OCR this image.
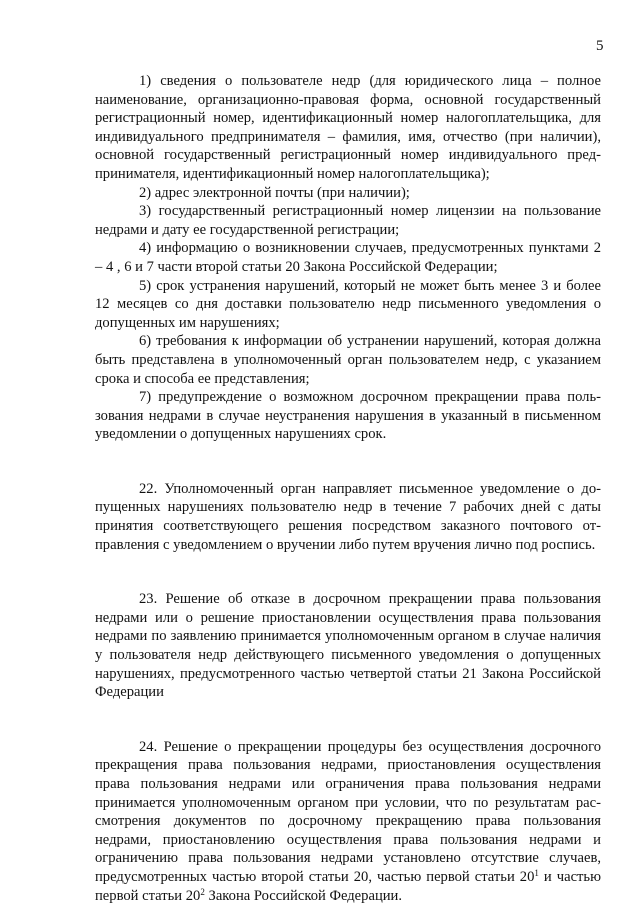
5

1) сведения о пользователе недр (для юридического лица – полное наименование, организационно-правовая форма, основной государственный регистрационный номер, идентификационный номер налогоплательщика, для индивидуального предпринимателя – фамилия, имя, отчество (при наличии), основной государственный регистрационный номер индивидуального предпринимателя, идентификационный номер налогоплательщика);

2) адрес электронной почты (при наличии);

3) государственный регистрационный номер лицензии на пользование недрами и дату ее государственной регистрации;

4) информацию о возникновении случаев, предусмотренных пунктами 2 – 4 , 6 и 7 части второй статьи 20 Закона Российской Федерации;

5) срок устранения нарушений, который не может быть менее 3 и более 12 месяцев со дня доставки пользователю недр письменного уведомления о допущенных им нарушениях;

6) требования к информации об устранении нарушений, которая должна быть представлена в уполномоченный орган пользователем недр, с указанием срока и способа ее представления;

7) предупреждение о возможном досрочном прекращении права пользования недрами в случае неустранения нарушения в указанный в письменном уведомлении о допущенных нарушениях срок.

22. Уполномоченный орган направляет письменное уведомление о допущенных нарушениях пользователю недр в течение 7 рабочих дней с даты принятия соответствующего решения посредством заказного почтового отправления с уведомлением о вручении либо путем вручения лично под роспись.

23. Решение об отказе в досрочном прекращении права пользования недрами или о решение приостановлении осуществления права пользования недрами по заявлению принимается уполномоченным органом в случае наличия у пользователя недр действующего письменного уведомления о допущенных нарушениях, предусмотренного частью четвертой статьи 21 Закона Российской Федерации

24. Решение о прекращении процедуры без осуществления досрочного прекращения права пользования недрами, приостановления осуществления права пользования недрами или ограничения права пользования недрами принимается уполномоченным органом при условии, что по результатам рассмотрения документов по досрочному прекращению права пользования недрами, приостановлению осуществления права пользования недрами и ограничению права пользования недрами установлено отсутствие случаев, предусмотренных частью второй статьи 20, частью первой статьи $20^1$ и частью первой статьи $20^2$ Закона Российской Федерации.
